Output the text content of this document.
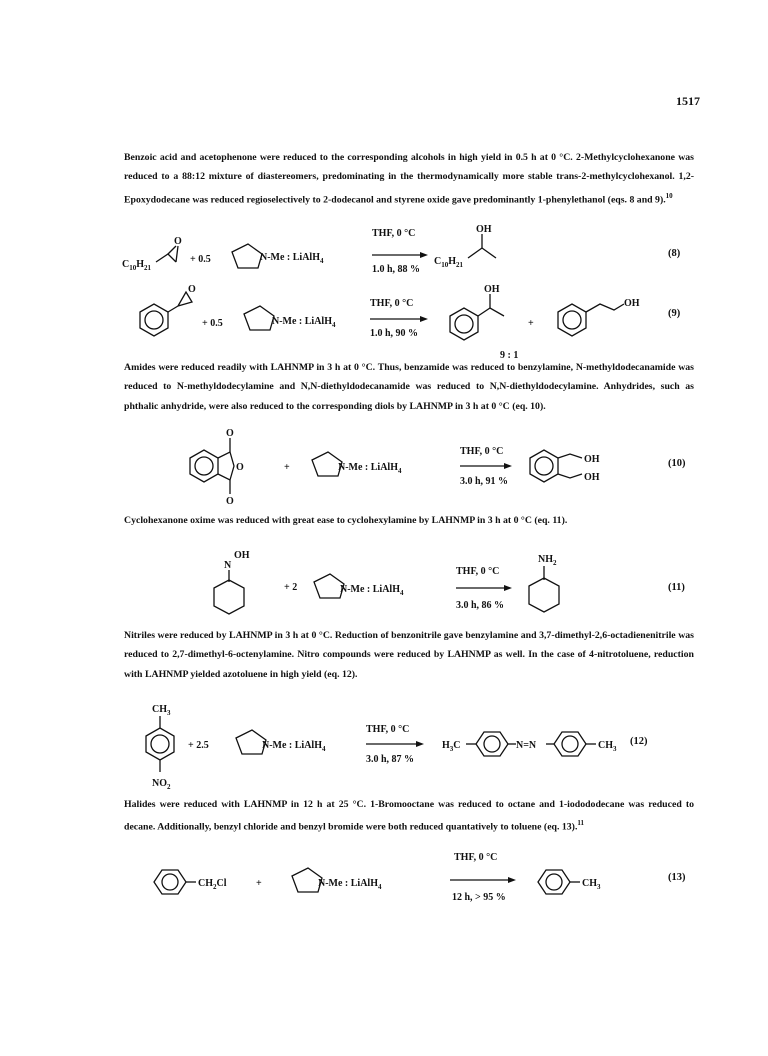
1517
Benzoic acid and acetophenone were reduced to the corresponding alcohols in high yield in 0.5 h at 0 °C. 2-Methylcyclohexanone was reduced to a 88:12 mixture of diastereomers, predominating in the thermodynamically more stable trans-2-methylcyclohexanol. 1,2-Epoxydodecane was reduced regioselectively to 2-dodecanol and styrene oxide gave predominantly 1-phenylethanol (eqs. 8 and 9).$^{10}$
$C_{10}H_{21}$
O
+ 0.5	N-Me : LiAlH$_4$
THF, 0 °C
1.0 h, 88 %
$C_{10}H_{21}$
OH
(8)
O
+ 0.5	N-Me : LiAlH$_4$
THF, 0 °C
1.0 h, 90 %
OH
+
OH
9 : 1
(9)
Amides were reduced readily with LAHNMP in 3 h at 0 °C. Thus, benzamide was reduced to benzylamine, N-methyldodecanamide was reduced to N-methyldodecylamine and N,N-diethyldodecanamide was reduced to N,N-diethyldodecylamine. Anhydrides, such as phthalic anhydride, were also reduced to the corresponding diols by LAHNMP in 3 h at 0 °C (eq. 10).
O
O
O	+	N-Me : LiAlH$_4$
THF, 0 °C
3.0 h, 91 %
OH
OH
(10)
Cyclohexanone oxime was reduced with great ease to cyclohexylamine by LAHNMP in 3 h at 0 °C (eq. 11).
OH
N
+ 2	N-Me : LiAlH$_4$
THF, 0 °C
3.0 h, 86 %
$NH_2$
(11)
Nitriles were reduced by LAHNMP in 3 h at 0 °C. Reduction of benzonitrile gave benzylamine and 3,7-dimethyl-2,6-octadienenitrile was reduced to 2,7-dimethyl-6-octenylamine. Nitro compounds were reduced by LAHNMP as well. In the case of 4-nitrotoluene, reduction with LAHNMP yielded azotoluene in high yield (eq. 12).
$CH_3$
$NO_2$
+ 2.5	N-Me : LiAlH$_4$
THF, 0 °C
3.0 h, 87 %
$H_3C$	N=N	$CH_3$
(12)
Halides were reduced with LAHNMP in 12 h at 25 °C. 1-Bromooctane was reduced to octane and 1-iodododecane was reduced to decane. Additionally, benzyl chloride and benzyl bromide were both reduced quantatively to toluene (eq. 13).$^{11}$
$CH_2Cl$	+	N-Me : LiAlH$_4$
THF, 0 °C
12 h, > 95 %
$CH_3$
(13)
